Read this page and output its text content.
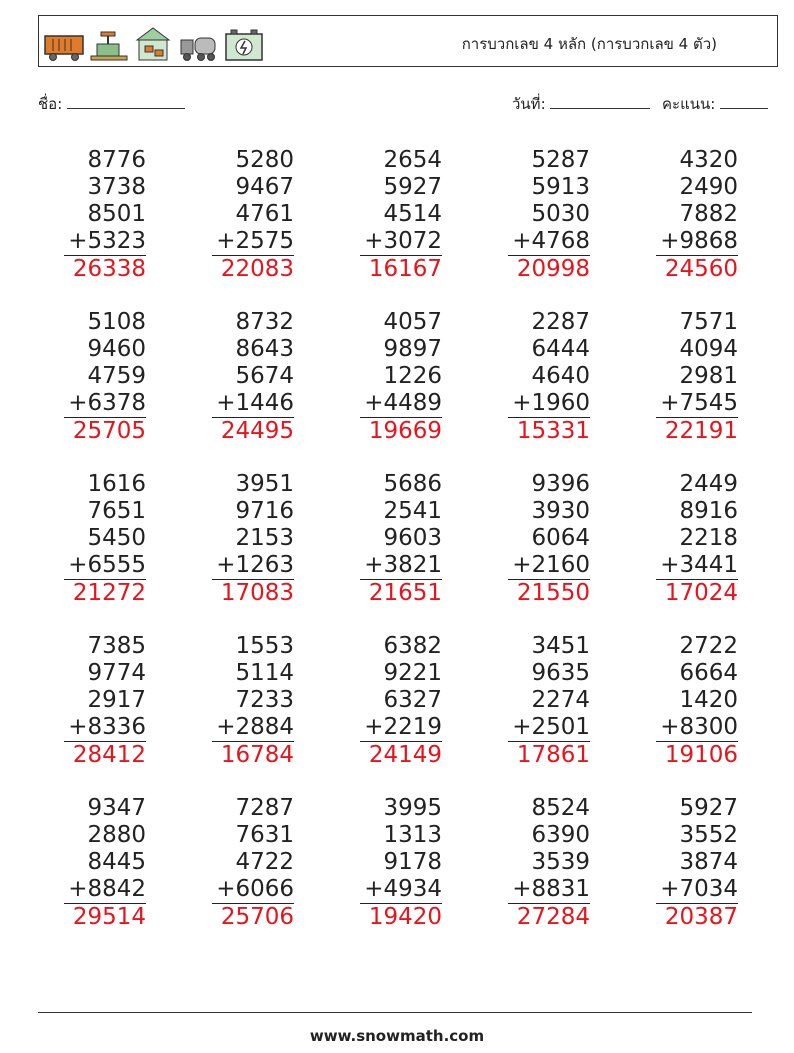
การบวกเลข 4 หลัก (การบวกเลข 4 ตัว)
ชื่อ:	วันที่:	คะแนน:
8776
3738
8501
+5323
26338
5280
9467
4761
+2575
22083
2654
5927
4514
+3072
16167
5287
5913
5030
+4768
20998
4320
2490
7882
+9868
24560
5108
9460
4759
+6378
25705
8732
8643
5674
+1446
24495
4057
9897
1226
+4489
19669
2287
6444
4640
+1960
15331
7571
4094
2981
+7545
22191
1616
7651
5450
+6555
21272
3951
9716
2153
+1263
17083
5686
2541
9603
+3821
21651
9396
3930
6064
+2160
21550
2449
8916
2218
+3441
17024
7385
9774
2917
+8336
28412
1553
5114
7233
+2884
16784
6382
9221
6327
+2219
24149
3451
9635
2274
+2501
17861
2722
6664
1420
+8300
19106
9347
2880
8445
+8842
29514
7287
7631
4722
+6066
25706
3995
1313
9178
+4934
19420
8524
6390
3539
+8831
27284
5927
3552
3874
+7034
20387
www.snowmath.com
